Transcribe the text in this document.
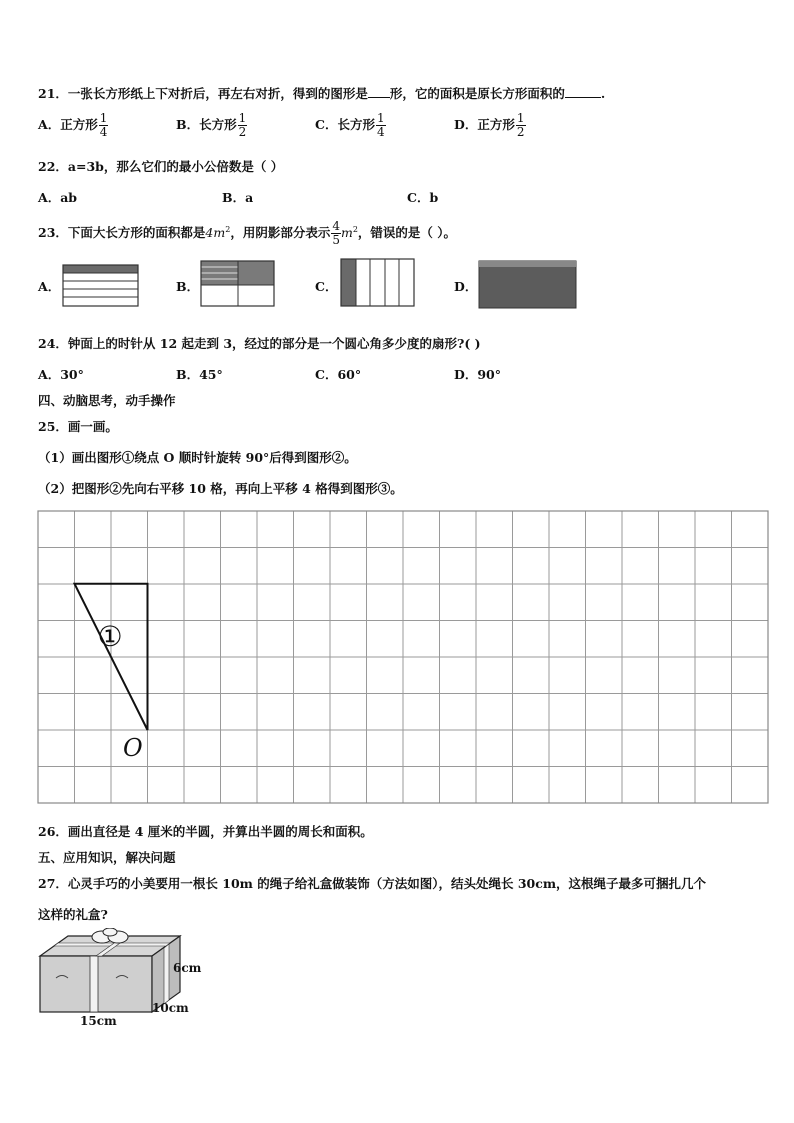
21．一张长方形纸上下对折后，再左右对折，得到的图形是 形，它的面积是原长方形面积的	.
A．正方形 $\frac{1}{4}$	B．长方形 $\frac{1}{2}$	C．长方形 $\frac{1}{4}$	D．正方形 $\frac{1}{2}$
22．a=3b，那么它们的最小公倍数是（ ）
A．ab	B．a	C．b
23．下面大长方形的面积都是$4m^2$，用阴影部分表示 $\frac{4}{5} m^2$，错误的是（ ）。
A．	B．	C．	D．
24．钟面上的时针从 12 起走到 3，经过的部分是一个圆心角多少度的扇形?( )
A．30°	B．45°	C．60°	D．90°
四、动脑思考，动手操作
25．画一画。
（1）画出图形①绕点 O 顺时针旋转 90°后得到图形②。
（2）把图形②先向右平移 10 格，再向上平移 4 格得到图形③。
①
O
26．画出直径是 4 厘米的半圆，并算出半圆的周长和面积。
五、应用知识，解决问题
27．心灵手巧的小美要用一根长 10m 的绳子给礼盒做装饰（方法如图），结头处绳长 30cm，这根绳子最多可捆扎几个
这样的礼盒?
6cm
15cm
10cm
